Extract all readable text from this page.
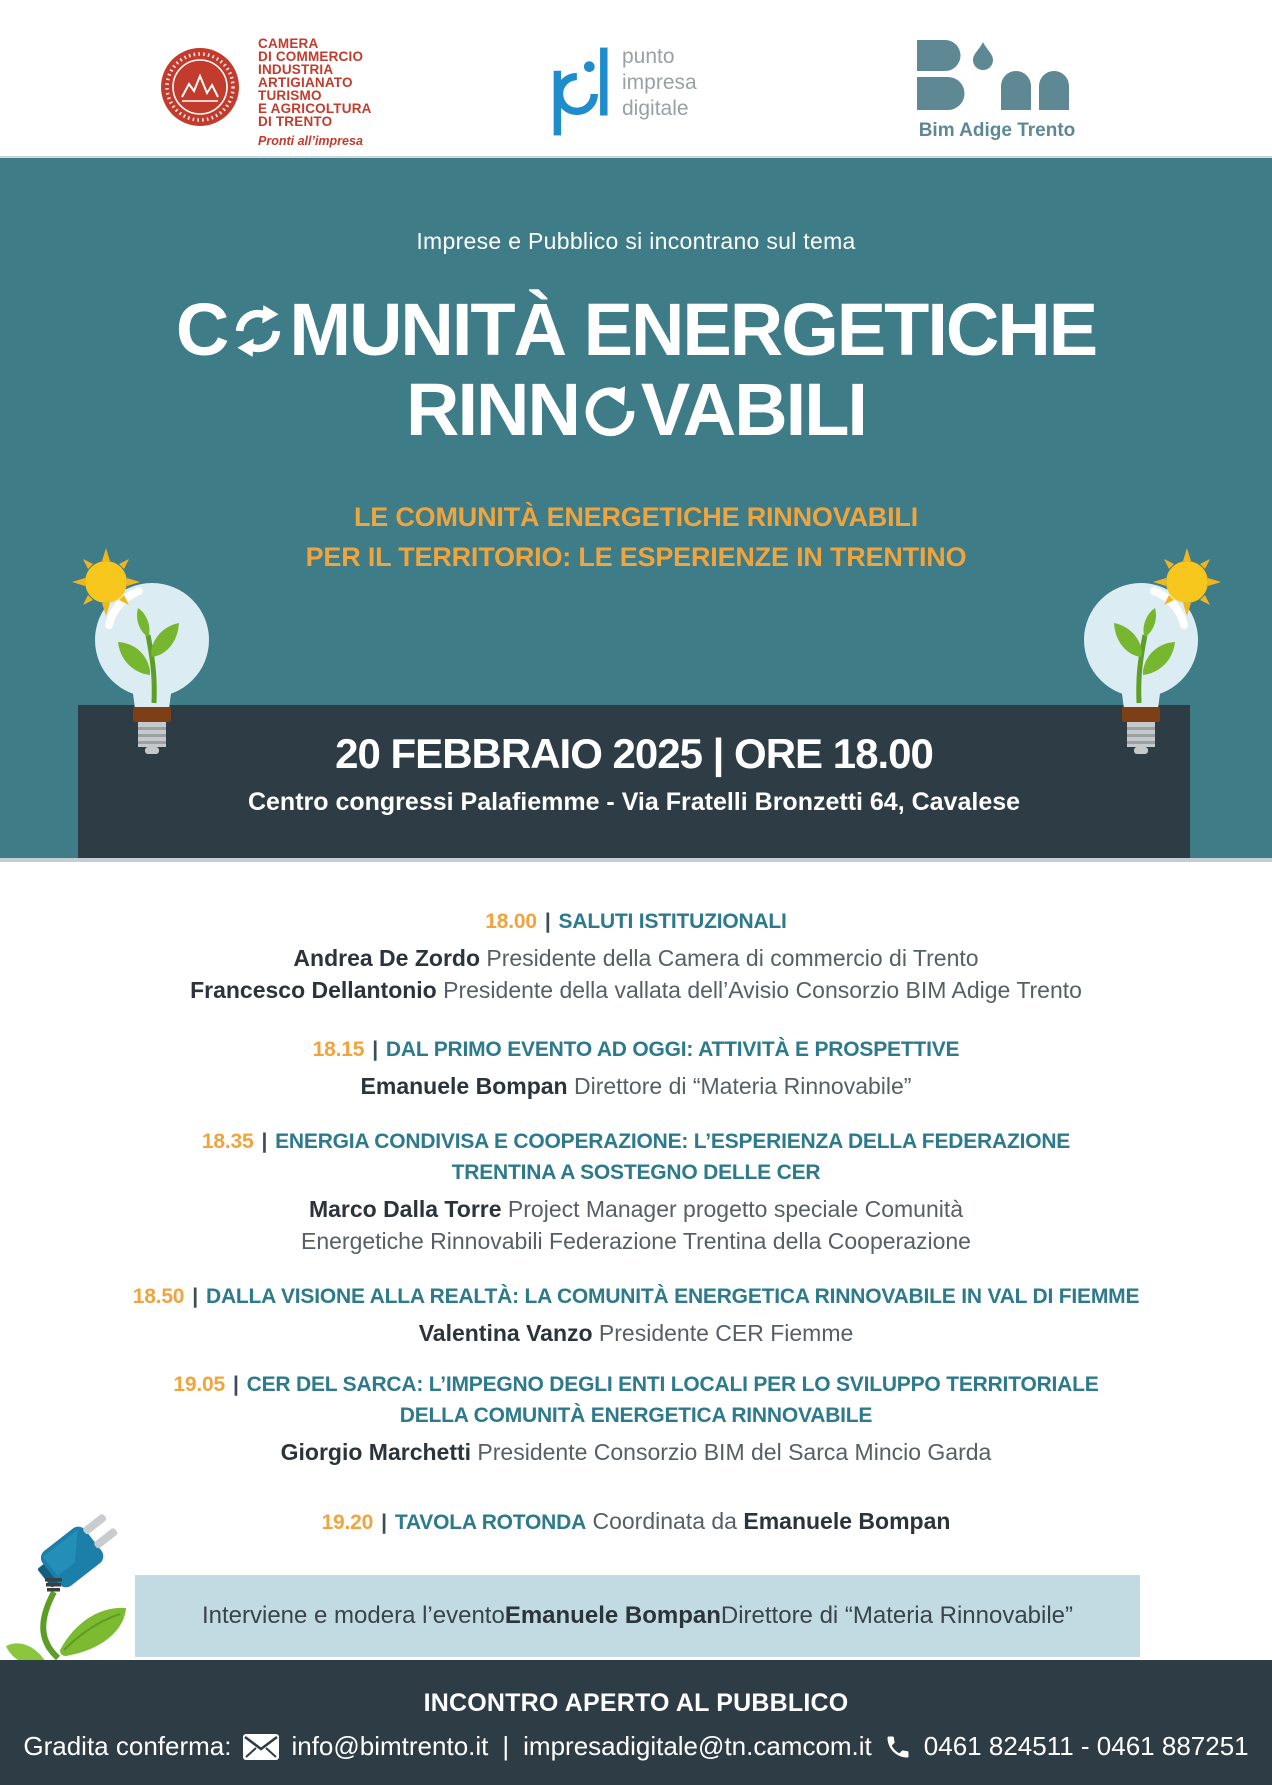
CAMERA
DI COMMERCIO
INDUSTRIA
ARTIGIANATO
TURISMO
E AGRICOLTURA
DI TRENTO
Pronti all’impresa
punto
impresa
digitale
Bim Adige Trento
Imprese e Pubblico si incontrano sul tema
C MUNITÀ ENERGETICHE
RINN VABILI
LE COMUNITÀ ENERGETICHE RINNOVABILI
PER IL TERRITORIO: LE ESPERIENZE IN TRENTINO
20 FEBBRAIO 2025 | ORE 18.00
Centro congressi Palafiemme - Via Fratelli Bronzetti 64, Cavalese
18.00 | SALUTI ISTITUZIONALI
Andrea De Zordo Presidente della Camera di commercio di Trento
Francesco Dellantonio Presidente della vallata dell’Avisio Consorzio BIM Adige Trento
18.15 | DAL PRIMO EVENTO AD OGGI: ATTIVITÀ E PROSPETTIVE
Emanuele Bompan Direttore di “Materia Rinnovabile”
18.35 | ENERGIA CONDIVISA E COOPERAZIONE: L’ESPERIENZA DELLA FEDERAZIONE
TRENTINA A SOSTEGNO DELLE CER
Marco Dalla Torre Project Manager progetto speciale Comunità
Energetiche Rinnovabili Federazione Trentina della Cooperazione
18.50 | DALLA VISIONE ALLA REALTÀ: LA COMUNITÀ ENERGETICA RINNOVABILE IN VAL DI FIEMME
Valentina Vanzo Presidente CER Fiemme
19.05 | CER DEL SARCA: L’IMPEGNO DEGLI ENTI LOCALI PER LO SVILUPPO TERRITORIALE
DELLA COMUNITÀ ENERGETICA RINNOVABILE
Giorgio Marchetti Presidente Consorzio BIM del Sarca Mincio Garda
19.20 | TAVOLA ROTONDA Coordinata da Emanuele Bompan
Interviene e modera l’evento Emanuele Bompan Direttore di “Materia Rinnovabile”
INCONTRO APERTO AL PUBBLICO
Gradita conferma: info@bimtrento.it | impresadigitale@tn.camcom.it 0461 824511 - 0461 887251
